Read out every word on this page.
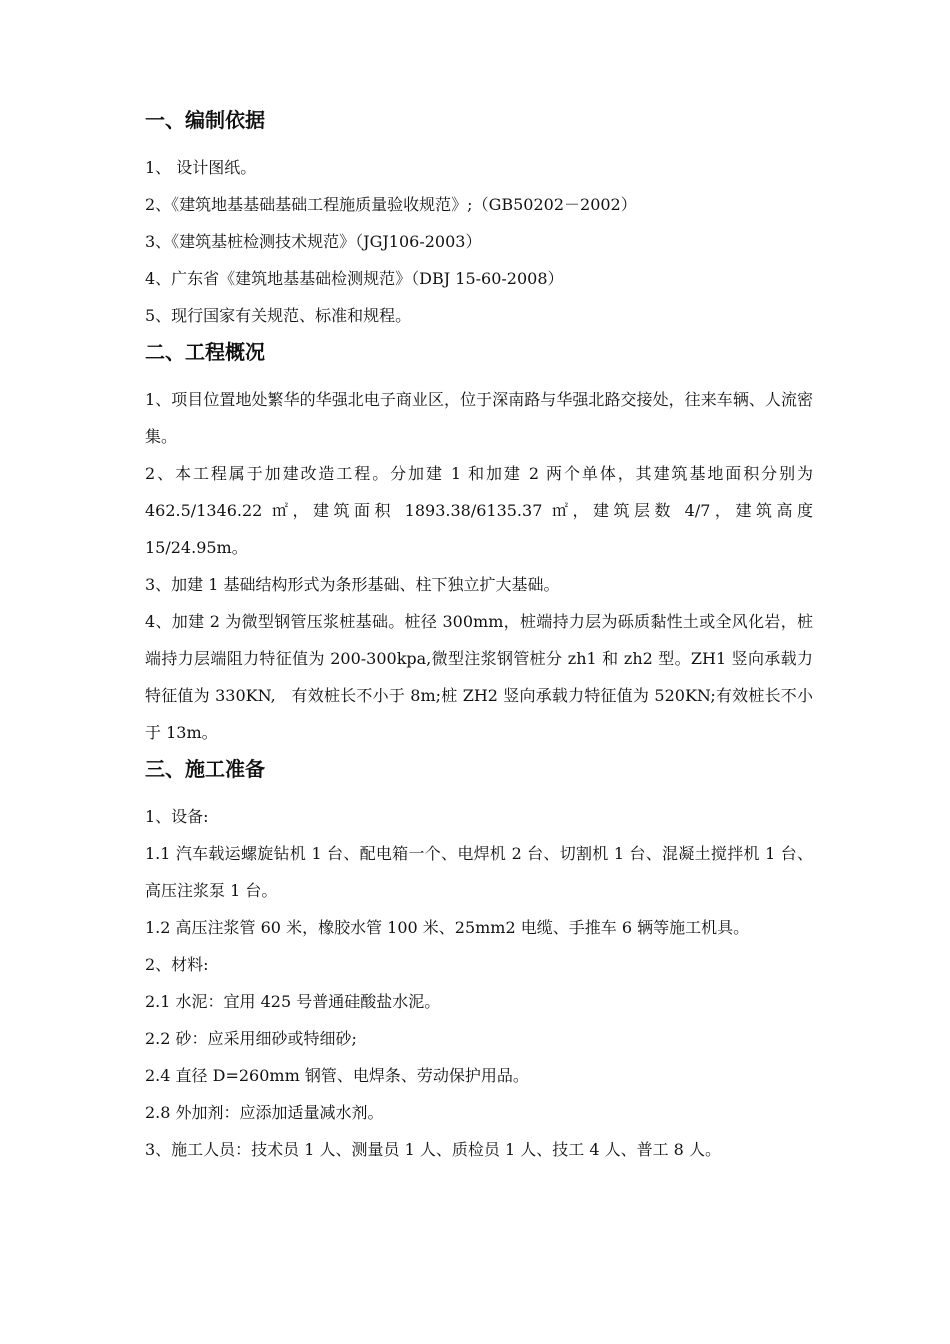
一、编制依据
1、 设计图纸。
2、《建筑地基基础基础工程施质量验收规范》;（GB50202－2002）
3、《建筑基桩检测技术规范》（JGJ106-2003）
4、广东省《建筑地基基础检测规范》（DBJ 15-60-2008）
5、现行国家有关规范、标准和规程。
二、工程概况
1、项目位置地处繁华的华强北电子商业区，位于深南路与华强北路交接处，往来车辆、人流密集。
2、本工程属于加建改造工程。分加建 1 和加建 2 两个单体，其建筑基地面积分别为 462.5/1346.22 ㎡，建筑面积 1893.38/6135.37 ㎡，建筑层数 4/7，建筑高度 15/24.95m。
3、加建 1 基础结构形式为条形基础、柱下独立扩大基础。
4、加建 2 为微型钢管压浆桩基础。桩径 300mm，桩端持力层为砾质黏性土或全风化岩，桩端持力层端阻力特征值为 200-300kpa,微型注浆钢管桩分 zh1 和 zh2 型。ZH1 竖向承载力特征值为 330KN,   有效桩长不小于 8m;桩 ZH2 竖向承载力特征值为 520KN;有效桩长不小于 13m。
三、施工准备
1、设备:
1.1 汽车载运螺旋钻机 1 台、配电箱一个、电焊机 2 台、切割机 1 台、混凝土搅拌机 1 台、高压注浆泵 1 台。
1.2 高压注浆管 60 米，橡胶水管 100 米、25mm2 电缆、手推车 6 辆等施工机具。
2、材料:
2.1 水泥：宜用 425 号普通硅酸盐水泥。
2.2 砂：应采用细砂或特细砂;
2.4 直径 D=260mm 钢管、电焊条、劳动保护用品。
2.8 外加剂：应添加适量减水剂。
3、施工人员：技术员 1 人、测量员 1 人、质检员 1 人、技工 4 人、普工 8 人。
